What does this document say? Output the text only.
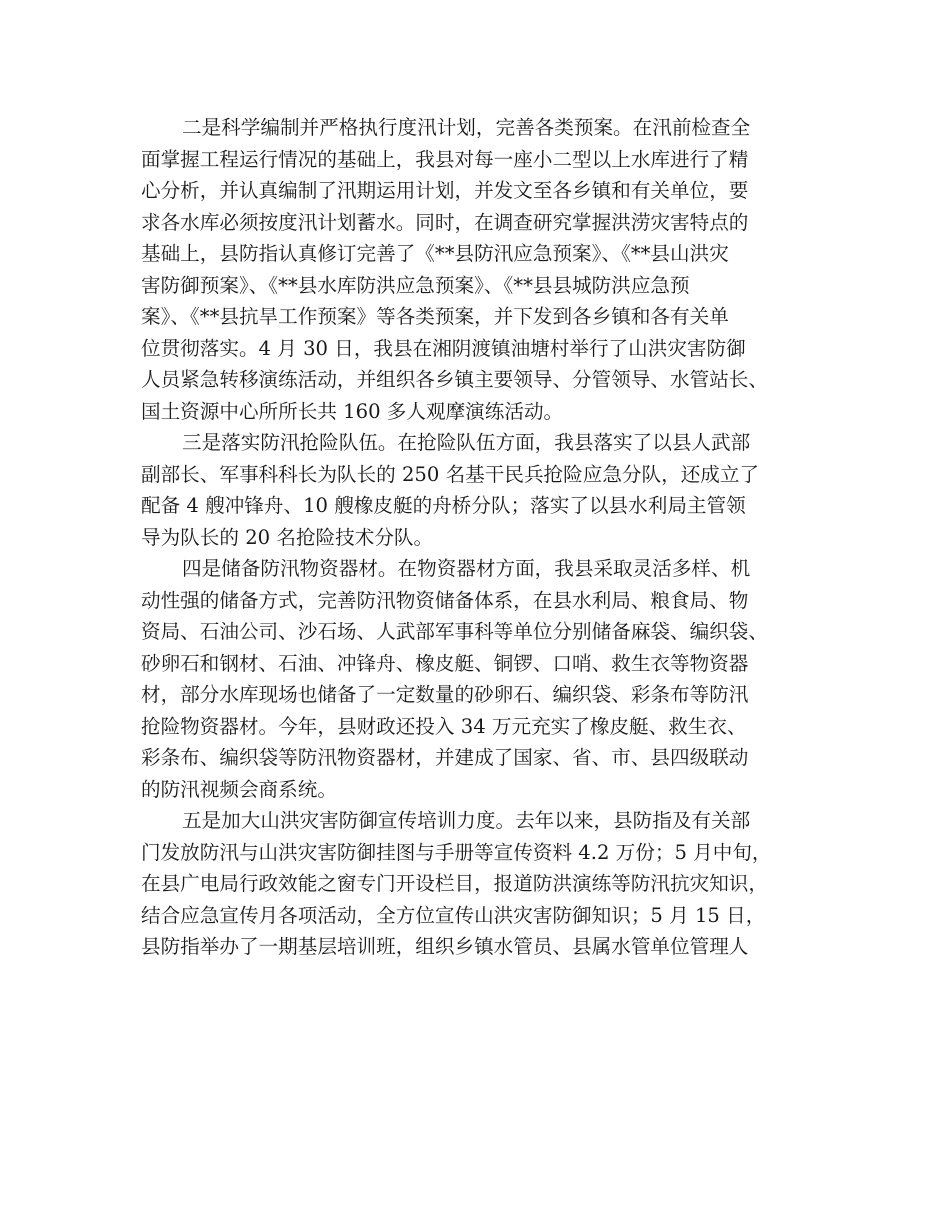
二是科学编制并严格执行度汛计划，完善各类预案。在汛前检查全
面掌握工程运行情况的基础上，我县对每一座小二型以上水库进行了精
心分析，并认真编制了汛期运用计划，并发文至各乡镇和有关单位，要
求各水库必须按度汛计划蓄水。同时，在调查研究掌握洪涝灾害特点的
基础上，县防指认真修订完善了《**县防汛应急预案》、《**县山洪灾
害防御预案》、《**县水库防洪应急预案》、《**县县城防洪应急预
案》、《**县抗旱工作预案》等各类预案，并下发到各乡镇和各有关单
位贯彻落实。4 月 30 日，我县在湘阴渡镇油塘村举行了山洪灾害防御
人员紧急转移演练活动，并组织各乡镇主要领导、分管领导、水管站长、
国土资源中心所所长共 160 多人观摩演练活动。

三是落实防汛抢险队伍。在抢险队伍方面，我县落实了以县人武部
副部长、军事科科长为队长的 250 名基干民兵抢险应急分队，还成立了
配备 4 艘冲锋舟、10 艘橡皮艇的舟桥分队；落实了以县水利局主管领
导为队长的 20 名抢险技术分队。

四是储备防汛物资器材。在物资器材方面，我县采取灵活多样、机
动性强的储备方式，完善防汛物资储备体系，在县水利局、粮食局、物
资局、石油公司、沙石场、人武部军事科等单位分别储备麻袋、编织袋、
砂卵石和钢材、石油、冲锋舟、橡皮艇、铜锣、口哨、救生衣等物资器
材，部分水库现场也储备了一定数量的砂卵石、编织袋、彩条布等防汛
抢险物资器材。今年，县财政还投入 34 万元充实了橡皮艇、救生衣、
彩条布、编织袋等防汛物资器材，并建成了国家、省、市、县四级联动
的防汛视频会商系统。

五是加大山洪灾害防御宣传培训力度。去年以来，县防指及有关部
门发放防汛与山洪灾害防御挂图与手册等宣传资料 4.2 万份；5 月中旬，
在县广电局行政效能之窗专门开设栏目，报道防洪演练等防汛抗灾知识，
结合应急宣传月各项活动，全方位宣传山洪灾害防御知识；5 月 15 日，
县防指举办了一期基层培训班，组织乡镇水管员、县属水管单位管理人
